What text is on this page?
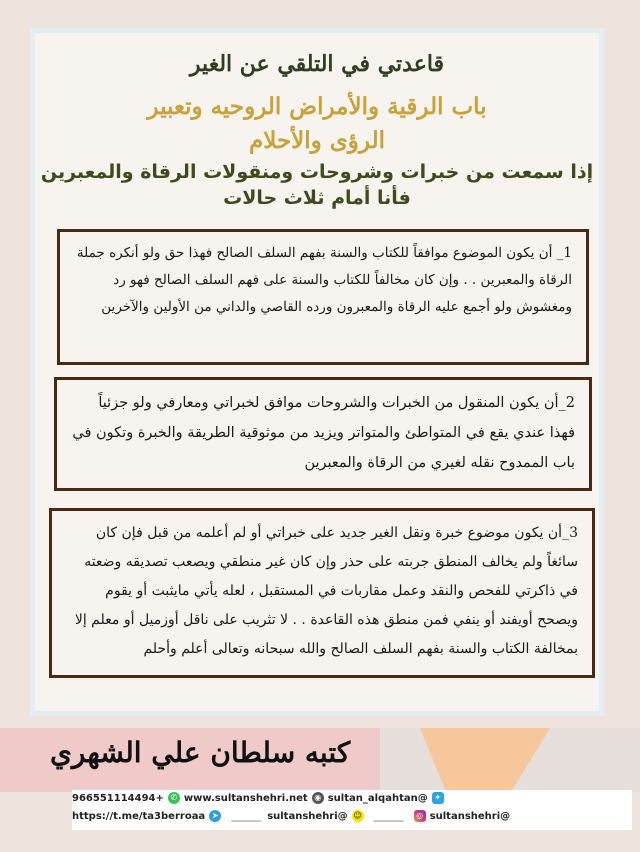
قاعدتي في التلقي عن الغير
باب الرقية والأمراض الروحيه وتعبير
الرؤى والأحلام
إذا سمعت من خبرات وشروحات ومنقولات الرقاة والمعبرين
فأنا أمام ثلاث حالات

1_ أن يكون الموضوع موافقاً للكتاب والسنة بفهم السلف الصالح فهذا حق ولو أنكره جملة الرقاة والمعبرين . . وإن كان مخالفاً للكتاب والسنة على فهم السلف الصالح فهو رد ومغشوش ولو أجمع عليه الرقاة والمعبرون ورده القاصي والداني من الأولين والآخرين

2_أن يكون المنقول من الخبرات والشروحات موافق لخبراتي ومعارفي ولو جزئياً فهذا عندي يقع في المتواطئ والمتواتر ويزيد من موثوقية الطريقة والخبرة وتكون في باب الممدوح نقله لغيري من الرقاة والمعبرين

3_أن يكون موضوع خبرة ونقل الغير جديد على خبراتي أو لم أعلمه من قبل فإن كان سائغاً ولم يخالف المنطق جربته على حذر وإن كان غير منطقي ويصعب تصديقه وضعته في ذاكرتي للفحص والنقد وعمل مقاربات في المستقبل ، لعله يأتي مايثبت أو يقوم ويصحح أويفند أو ينفي فمن منطق هذه القاعدة . . لا تثريب على ناقل أوزميل أو معلم إلا بمخالفة الكتاب والسنة بفهم السلف الصالح والله سبحانه وتعالى أعلم وأحلم

كتبه سلطان علي الشهري
966551114494+ ✆ www.sultanshehri.net ◉ sultan_alqahtan@ ✦
https://t.me/ta3berroaa ➤ ______ sultanshehri@ ☺ ______	◎ sultanshehri@
